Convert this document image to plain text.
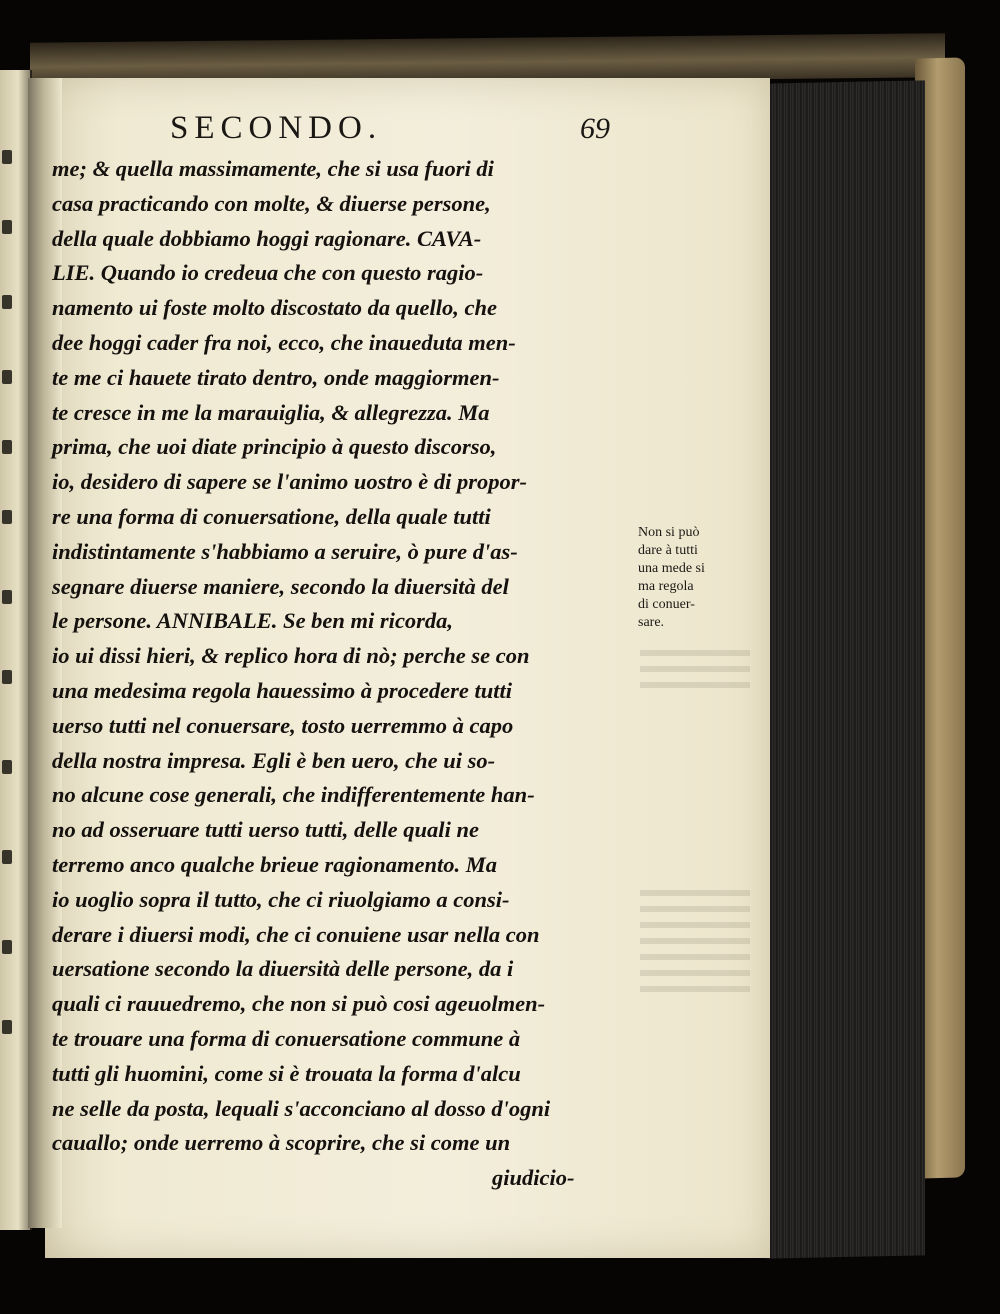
SECONDO.	69
me; & quella massimamente, che si usa fuori di
casa practicando con molte, & diuerse persone,
della quale dobbiamo hoggi ragionare. CAVA-
LIE. Quando io credeua che con questo ragio-
namento ui foste molto discostato da quello, che
dee hoggi cader fra noi, ecco, che inaueduta men-
te me ci hauete tirato dentro, onde maggiormen-
te cresce in me la marauiglia, & allegrezza. Ma
prima, che uoi diate principio à questo discorso,
io, desidero di sapere se l'animo uostro è di propor-
re una forma di conuersatione, della quale tutti
indistintamente s'habbiamo a seruire, ò pure d'as-
segnare diuerse maniere, secondo la diuersità del
le persone. ANNIBALE. Se ben mi ricorda,
io ui dissi hieri, & replico hora di nò; perche se con
una medesima regola hauessimo à procedere tutti
uerso tutti nel conuersare, tosto uerremmo à capo
della nostra impresa. Egli è ben uero, che ui so-
no alcune cose generali, che indifferentemente han-
no ad osseruare tutti uerso tutti, delle quali ne
terremo anco qualche brieue ragionamento. Ma
io uoglio sopra il tutto, che ci riuolgiamo a consi-
derare i diuersi modi, che ci conuiene usar nella con
uersatione secondo la diuersità delle persone, da i
quali ci rauuedremo, che non si può cosi ageuolmen-
te trouare una forma di conuersatione commune à
tutti gli huomini, come si è trouata la forma d'alcu
ne selle da posta, lequali s'acconciano al dosso d'ogni
cauallo; onde uerremo à scoprire, che si come un
giudicio-
Non si può
dare à tutti
una mede si
ma regola
di conuer-
sare.
